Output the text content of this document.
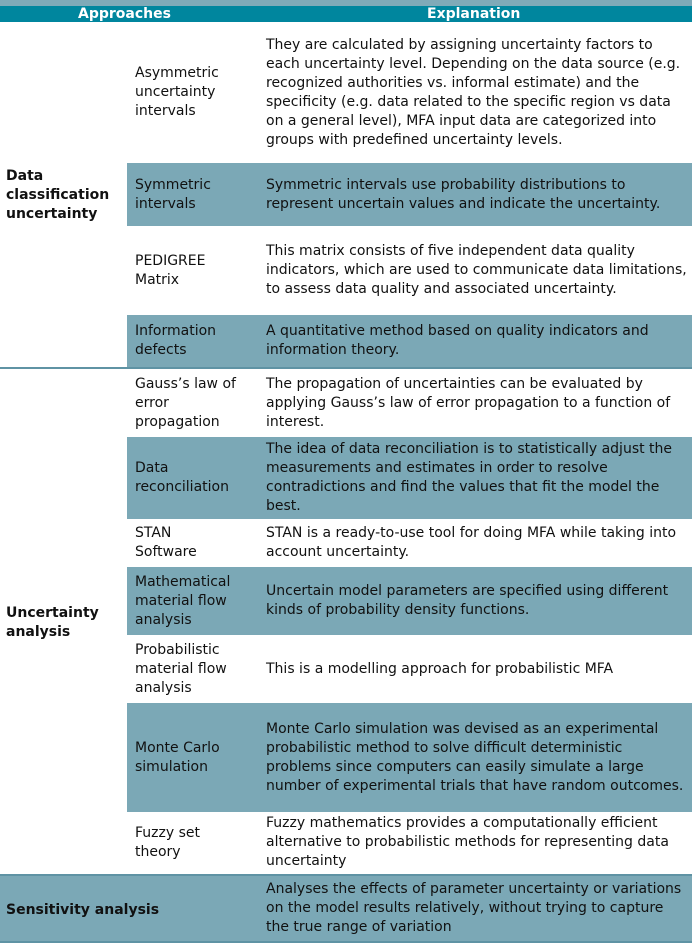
Approaches	Explanation
Data classification uncertainty
Asymmetric uncertainty intervals
They are calculated by assigning uncertainty factors to each uncertainty level. Depending on the data source (e.g. recognized authorities vs. informal estimate) and the specificity (e.g. data related to the specific region vs data on a general level), MFA input data are categorized into groups with predefined uncertainty levels.
Symmetric intervals
Symmetric intervals use probability distributions to represent uncertain values and indicate the uncertainty.
PEDIGREE Matrix
This matrix consists of five independent data quality indicators, which are used to communicate data limitations, to assess data quality and associated uncertainty.
Information defects
A quantitative method based on quality indicators and information theory.
Uncertainty analysis
Gauss’s law of error propagation
The propagation of uncertainties can be evaluated by applying Gauss’s law of error propagation to a function of interest.
Data reconciliation
The idea of data reconciliation is to statistically adjust the measurements and estimates in order to resolve contradictions and find the values that fit the model the best.
STAN Software
STAN is a ready-to-use tool for doing MFA while taking into account uncertainty.
Mathematical material flow analysis
Uncertain model parameters are specified using different kinds of probability density functions.
Probabilistic material flow analysis
This is a modelling approach for probabilistic MFA
Monte Carlo simulation
Monte Carlo simulation was devised as an experimental probabilistic method to solve difficult deterministic problems since computers can easily simulate a large number of experimental trials that have random outcomes.
Fuzzy set theory
Fuzzy mathematics provides a computationally efficient alternative to probabilistic methods for representing data uncertainty
Sensitivity analysis
Analyses the effects of parameter uncertainty or variations on the model results relatively, without trying to capture the true range of variation
